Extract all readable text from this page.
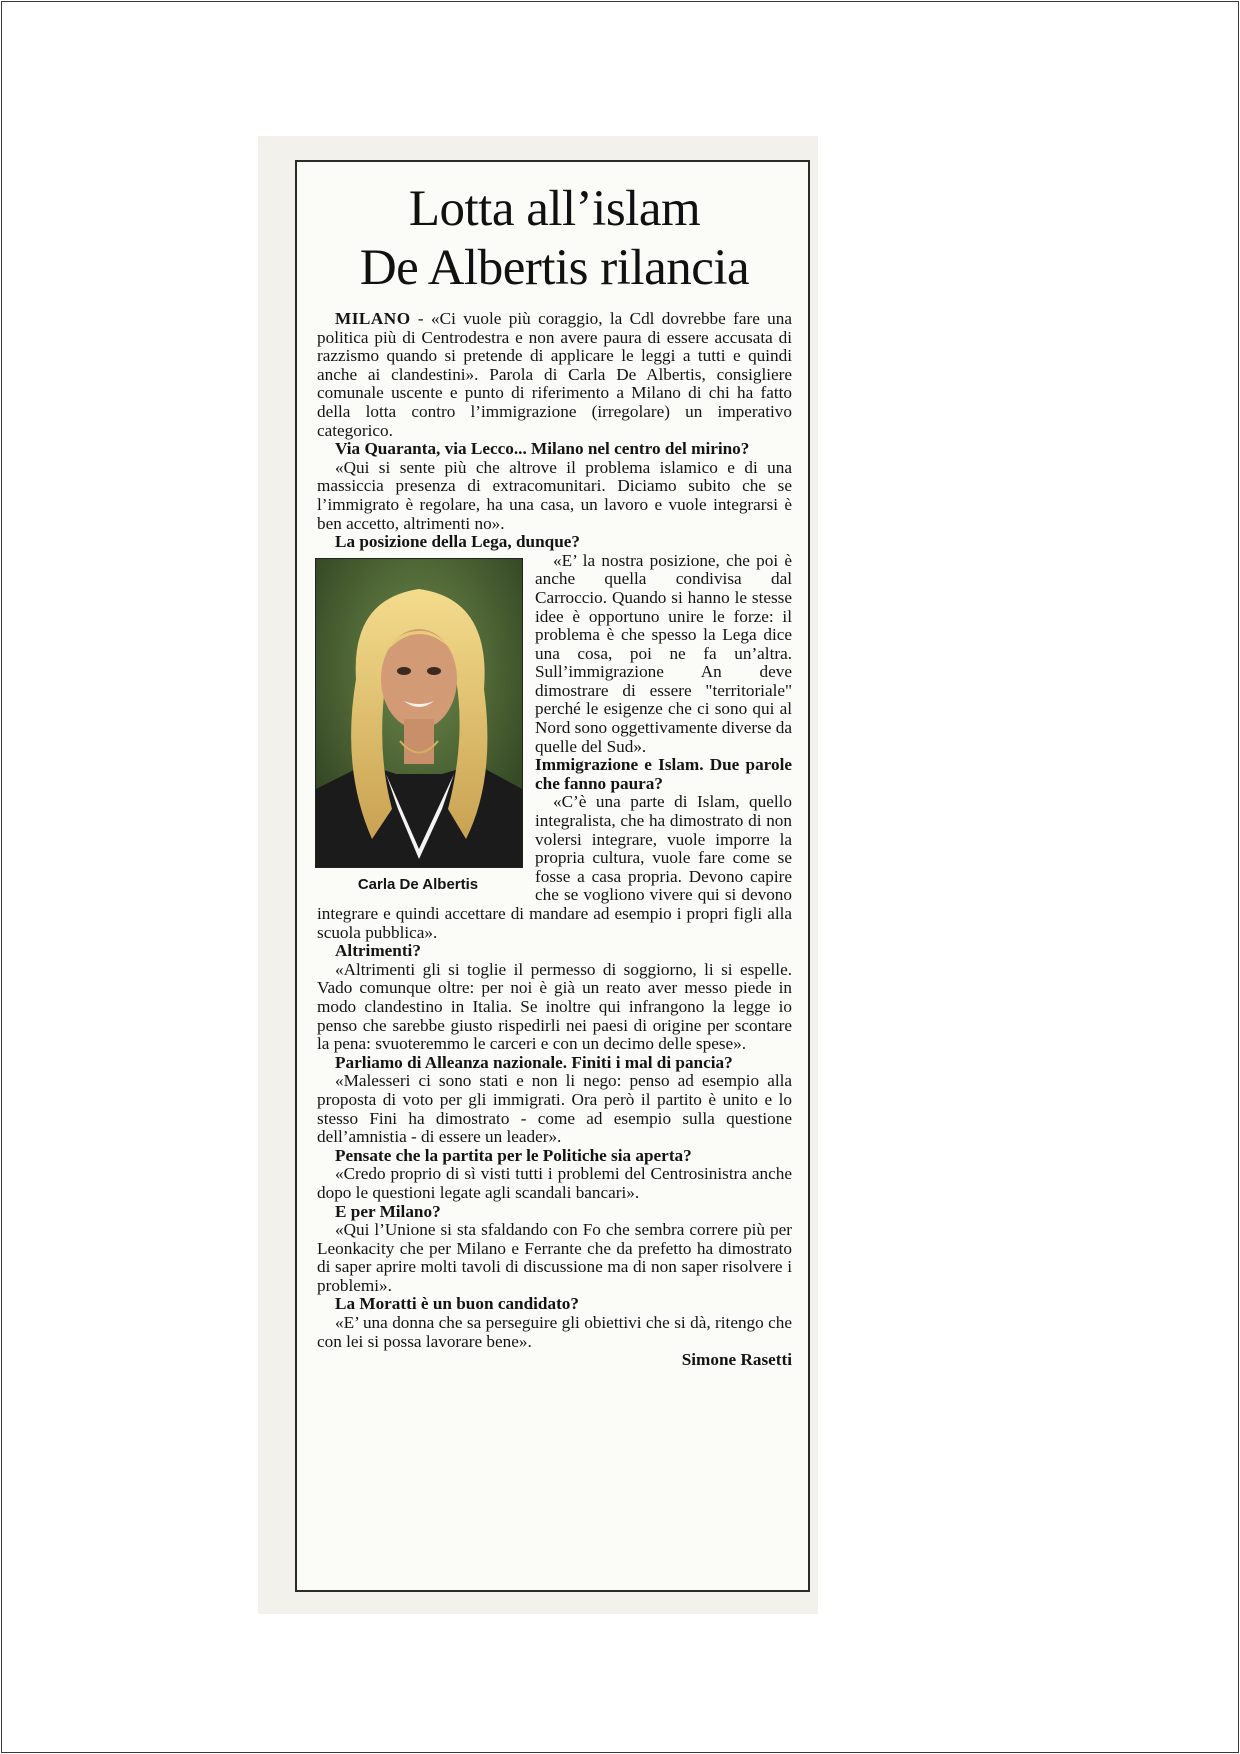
Lotta all’islam
De Albertis rilancia

MILANO - «Ci vuole più coraggio, la Cdl dovrebbe fare una politica più di Centrodestra e non avere paura di essere accusata di razzismo quando si pretende di applicare le leggi a tutti e quindi anche ai clandestini». Parola di Carla De Albertis, consigliere comunale uscente e punto di riferimento a Milano di chi ha fatto della lotta contro l’immigrazione (irregolare) un imperativo categorico.

Via Quaranta, via Lecco... Milano nel centro del mirino?

«Qui si sente più che altrove il problema islamico e di una massiccia presenza di extracomunitari. Diciamo subito che se l’immigrato è regolare, ha una casa, un lavoro e vuole integrarsi è ben accetto, altrimenti no».

La posizione della Lega, dunque?

Carla De Albertis

«E’ la nostra posizione, che poi è anche quella condivisa dal Carroccio. Quando si hanno le stesse idee è opportuno unire le forze: il problema è che spesso la Lega dice una cosa, poi ne fa un’altra. Sull’immigrazione An deve dimostrare di essere "territoriale" perché le esigenze che ci sono qui al Nord sono oggettivamente diverse da quelle del Sud».

Immigrazione e Islam. Due parole che fanno paura?

«C’è una parte di Islam, quello integralista, che ha dimostrato di non volersi integrare, vuole imporre la propria cultura, vuole fare come se fosse a casa propria. Devono capire che se vogliono vivere qui si devono integrare e quindi accettare di mandare ad esempio i propri figli alla scuola pubblica».

Altrimenti?

«Altrimenti gli si toglie il permesso di soggiorno, li si espelle. Vado comunque oltre: per noi è già un reato aver messo piede in modo clandestino in Italia. Se inoltre qui infrangono la legge io penso che sarebbe giusto rispedirli nei paesi di origine per scontare la pena: svuoteremmo le carceri e con un decimo delle spese».

Parliamo di Alleanza nazionale. Finiti i mal di pancia?

«Malesseri ci sono stati e non li nego: penso ad esempio alla proposta di voto per gli immigrati. Ora però il partito è unito e lo stesso Fini ha dimostrato - come ad esempio sulla questione dell’amnistia - di essere un leader».

Pensate che la partita per le Politiche sia aperta?

«Credo proprio di sì visti tutti i problemi del Centrosinistra anche dopo le questioni legate agli scandali bancari».

E per Milano?

«Qui l’Unione si sta sfaldando con Fo che sembra correre più per Leonkacity che per Milano e Ferrante che da prefetto ha dimostrato di saper aprire molti tavoli di discussione ma di non saper risolvere i problemi».

La Moratti è un buon candidato?

«E’ una donna che sa perseguire gli obiettivi che si dà, ritengo che con lei si possa lavorare bene».

Simone Rasetti
